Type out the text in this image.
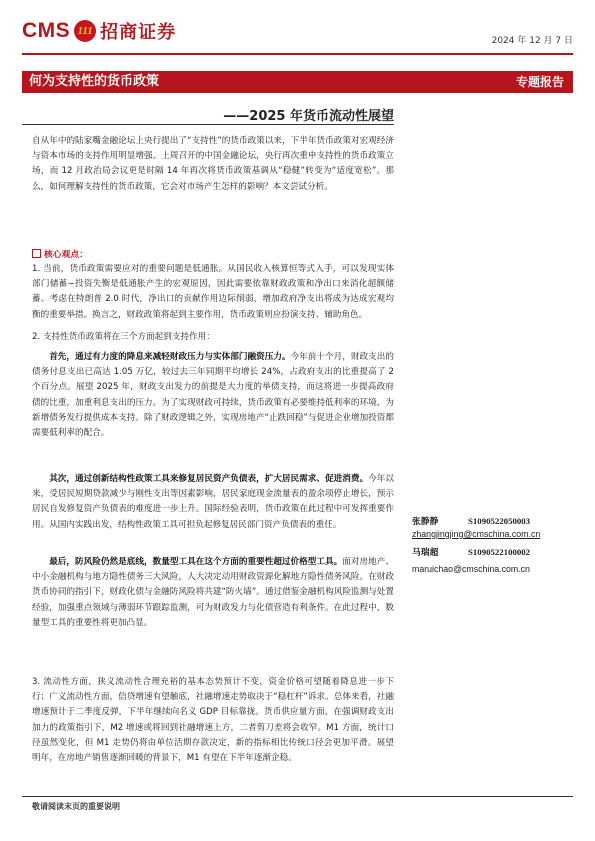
CMS 111 招商证券	2024 年 12 月 7 日
何为支持性的货币政策	专题报告
——2025 年货币流动性展望

自从年中的陆家嘴金融论坛上央行提出了“支持性”的货币政策以来，下半年货币政策对宏观经济与资本市场的支持作用明显增强。上周召开的中国金融论坛，央行再次重申支持性的货币政策立场，而 12 月政治局会议更是时隔 14 年再次将货币政策基调从“稳健”转变为“适度宽松”。那么，如何理解支持性的货币政策，它会对市场产生怎样的影响？本文尝试分析。

核心观点：

1. 当前，货币政策需要应对的重要问题是低通胀。从国民收入核算恒等式入手，可以发现实体部门储蓄−投资失衡是低通胀产生的宏观原因，因此需要依靠财政政策和净出口来消化超额储蓄。考虑在特朗普 2.0 时代，净出口的贡献作用边际削弱，增加政府净支出将成为达成宏观均衡的重要举措。换言之，财政政策将起到主要作用，货币政策则应扮演支持、辅助角色。

2. 支持性货币政策将在三个方面起到支持作用：

首先，通过有力度的降息来减轻财政压力与实体部门融资压力。今年前十个月，财政支出的债务付息支出已高达 1.05 万亿，较过去三年同期平均增长 24%，占政府支出的比重提高了 2 个百分点。展望 2025 年，财政支出发力的前提是大力度的举债支持，而这将进一步提高政府债的比重，加重利息支出的压力。为了实现财政可持续，货币政策有必要维持低利率的环境，为新增债务发行提供成本支持。除了财政逻辑之外，实现房地产“止跌回稳”与促进企业增加投资都需要低利率的配合。

其次，通过创新结构性政策工具来修复居民资产负债表，扩大居民需求、促进消费。今年以来，受居民短期贷款减少与刚性支出等因素影响，居民家庭现金流量表的盈余项停止增长，预示居民自发修复资产负债表的难度进一步上升。国际经验表明，货币政策在此过程中可发挥重要作用。从国内实践出发，结构性政策工具可担负起修复居民部门资产负债表的重任。

最后，防风险仍然是底线，数量型工具在这个方面的重要性超过价格型工具。面对房地产、中小金融机构与地方隐性债务三大风险，人大决定动用财政资源化解地方隐性债务风险。在财政货币协同的指引下，财政化债与金融防风险将共建“防火墙”。通过借鉴金融机构风险监测与处置经验，加强重点领域与薄弱环节跟踪监测，可为财政发力与化债营造有利条件。在此过程中，数量型工具的重要性将更加凸显。

3. 流动性方面，狭义流动性合理充裕的基本态势预计不变，资金价格可望随着降息进一步下行；广义流动性方面，信贷增速有望触底，社融增速走势取决于“稳杠杆”诉求。总体来看，社融增速预计于二季度反弹，下半年继续向名义 GDP 目标靠拢。货币供应量方面，在强调财政支出加力的政策指引下，M2 增速或将回到社融增速上方，二者剪刀差将会收窄。M1 方面，统计口径虽然变化，但 M1 走势仍将由单位活期存款决定，新的指标相比传统口径会更加平滑。展望明年，在房地产销售逐渐回暖的背景下，M1 有望在下半年逐渐企稳。

张静静	S1090522050003
zhangjingjing@cmschina.com.cn
马瑞超	S1090522100002
maruichao@cmschina.com.cn
敬请阅读末页的重要说明
